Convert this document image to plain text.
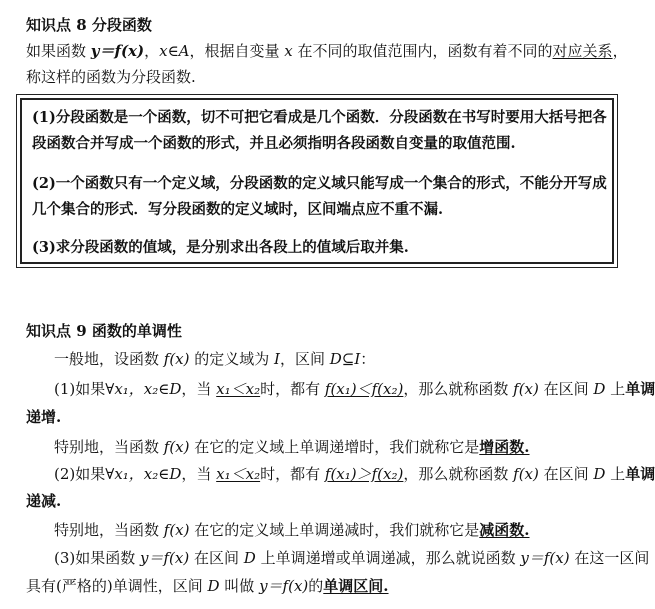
知识点 8 分段函数
如果函数 y＝f(x)，x∈A，根据自变量 x 在不同的取值范围内，函数有着不同的对应关系，
称这样的函数为分段函数.
(1)分段函数是一个函数，切不可把它看成是几个函数．分段函数在书写时要用大括号把各
段函数合并写成一个函数的形式，并且必须指明各段函数自变量的取值范围.
(2)一个函数只有一个定义域，分段函数的定义域只能写成一个集合的形式，不能分开写成
几个集合的形式．写分段函数的定义域时，区间端点应不重不漏.
(3)求分段函数的值域，是分别求出各段上的值域后取并集.
知识点 9 函数的单调性
一般地，设函数 f(x) 的定义域为 I，区间 D⊆I：
(1)如果∀x₁，x₂∈D，当 x₁＜x₂时，都有 f(x₁)＜f(x₂)，那么就称函数 f(x) 在区间 D 上单调
递增.
特别地，当函数 f(x) 在它的定义域上单调递增时，我们就称它是增函数.
(2)如果∀x₁，x₂∈D，当 x₁＜x₂时，都有 f(x₁)＞f(x₂)，那么就称函数 f(x) 在区间 D 上单调
递减.
特别地，当函数 f(x) 在它的定义域上单调递减时，我们就称它是减函数.
(3)如果函数 y＝f(x) 在区间 D 上单调递增或单调递减，那么就说函数 y＝f(x) 在这一区间
具有(严格的)单调性，区间 D 叫做 y＝f(x)的单调区间.
